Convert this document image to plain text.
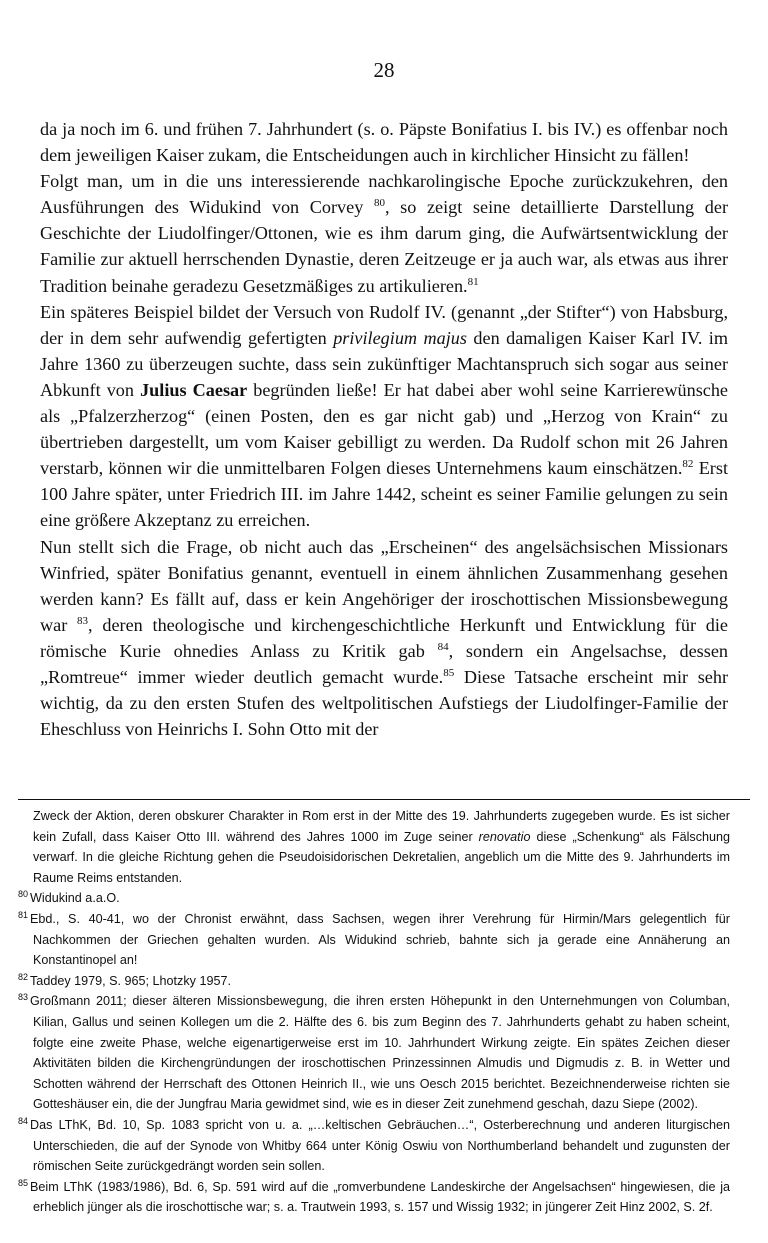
28

da ja noch im 6. und frühen 7. Jahrhundert (s. o. Päpste Bonifatius I. bis IV.) es offenbar noch dem jeweiligen Kaiser zukam, die Entscheidungen auch in kirchlicher Hinsicht zu fällen!

Folgt man, um in die uns interessierende nachkarolingische Epoche zurückzukehren, den Ausführungen des Widukind von Corvey $^{80}$, so zeigt seine detaillierte Darstellung der Geschichte der Liudolfinger/Ottonen, wie es ihm darum ging, die Aufwärtsentwicklung der Familie zur aktuell herrschenden Dynastie, deren Zeitzeuge er ja auch war, als etwas aus ihrer Tradition beinahe geradezu Gesetzmäßiges zu artikulieren.$^{81}$

Ein späteres Beispiel bildet der Versuch von Rudolf IV. (genannt „der Stifter“) von Habsburg, der in dem sehr aufwendig gefertigten privilegium majus den damaligen Kaiser Karl IV. im Jahre 1360 zu überzeugen suchte, dass sein zukünftiger Machtanspruch sich sogar aus seiner Abkunft von Julius Caesar begründen ließe! Er hat dabei aber wohl seine Karrierewünsche als „Pfalzerzherzog“ (einen Posten, den es gar nicht gab) und „Herzog von Krain“ zu übertrieben dargestellt, um vom Kaiser gebilligt zu werden. Da Rudolf schon mit 26 Jahren verstarb, können wir die unmittelbaren Folgen dieses Unternehmens kaum einschätzen.$^{82}$ Erst 100 Jahre später, unter Friedrich III. im Jahre 1442, scheint es seiner Familie gelungen zu sein eine größere Akzeptanz zu erreichen.

Nun stellt sich die Frage, ob nicht auch das „Erscheinen“ des angelsächsischen Missionars Winfried, später Bonifatius genannt, eventuell in einem ähnlichen Zusammenhang gesehen werden kann? Es fällt auf, dass er kein Angehöriger der iroschottischen Missionsbewegung war $^{83}$, deren theologische und kirchengeschichtliche Herkunft und Entwicklung für die römische Kurie ohnedies Anlass zu Kritik gab $^{84}$, sondern ein Angelsachse, dessen „Romtreue“ immer wieder deutlich gemacht wurde.$^{85}$ Diese Tatsache erscheint mir sehr wichtig, da zu den ersten Stufen des weltpolitischen Aufstiegs der Liudolfinger-Familie der Eheschluss von Heinrichs I. Sohn Otto mit der

Zweck der Aktion, deren obskurer Charakter in Rom erst in der Mitte des 19. Jahrhunderts zugegeben wurde. Es ist sicher kein Zufall, dass Kaiser Otto III. während des Jahres 1000 im Zuge seiner renovatio diese „Schenkung“ als Fälschung verwarf. In die gleiche Richtung gehen die Pseudoisidorischen Dekretalien, angeblich um die Mitte des 9. Jahrhunderts im Raume Reims entstanden.

$^{80}$ Widukind a.a.O.

$^{81}$ Ebd., S. 40-41, wo der Chronist erwähnt, dass Sachsen, wegen ihrer Verehrung für Hirmin/Mars gelegentlich für Nachkommen der Griechen gehalten wurden. Als Widukind schrieb, bahnte sich ja gerade eine Annäherung an Konstantinopel an!

$^{82}$ Taddey 1979, S. 965; Lhotzky 1957.

$^{83}$ Großmann 2011; dieser älteren Missionsbewegung, die ihren ersten Höhepunkt in den Unternehmungen von Columban, Kilian, Gallus und seinen Kollegen um die 2. Hälfte des 6. bis zum Beginn des 7. Jahrhunderts gehabt zu haben scheint, folgte eine zweite Phase, welche eigenartigerweise erst im 10. Jahrhundert Wirkung zeigte. Ein spätes Zeichen dieser Aktivitäten bilden die Kirchengründungen der iroschottischen Prinzessinnen Almudis und Digmudis z. B. in Wetter und Schotten während der Herrschaft des Ottonen Heinrich II., wie uns Oesch 2015 berichtet. Bezeichnenderweise richten sie Gotteshäuser ein, die der Jungfrau Maria gewidmet sind, wie es in dieser Zeit zunehmend geschah, dazu Siepe (2002).

$^{84}$ Das LThK, Bd. 10, Sp. 1083 spricht von u. a. „…keltischen Gebräuchen…“, Osterberechnung und anderen liturgischen Unterschieden, die auf der Synode von Whitby 664 unter König Oswiu von Northumberland behandelt und zugunsten der römischen Seite zurückgedrängt worden sein sollen.

$^{85}$ Beim LThK (1983/1986), Bd. 6, Sp. 591 wird auf die „romverbundene Landeskirche der Angelsachsen“ hingewiesen, die ja erheblich jünger als die iroschottische war; s. a. Trautwein 1993, s. 157 und Wissig 1932; in jüngerer Zeit Hinz 2002, S. 2f.
